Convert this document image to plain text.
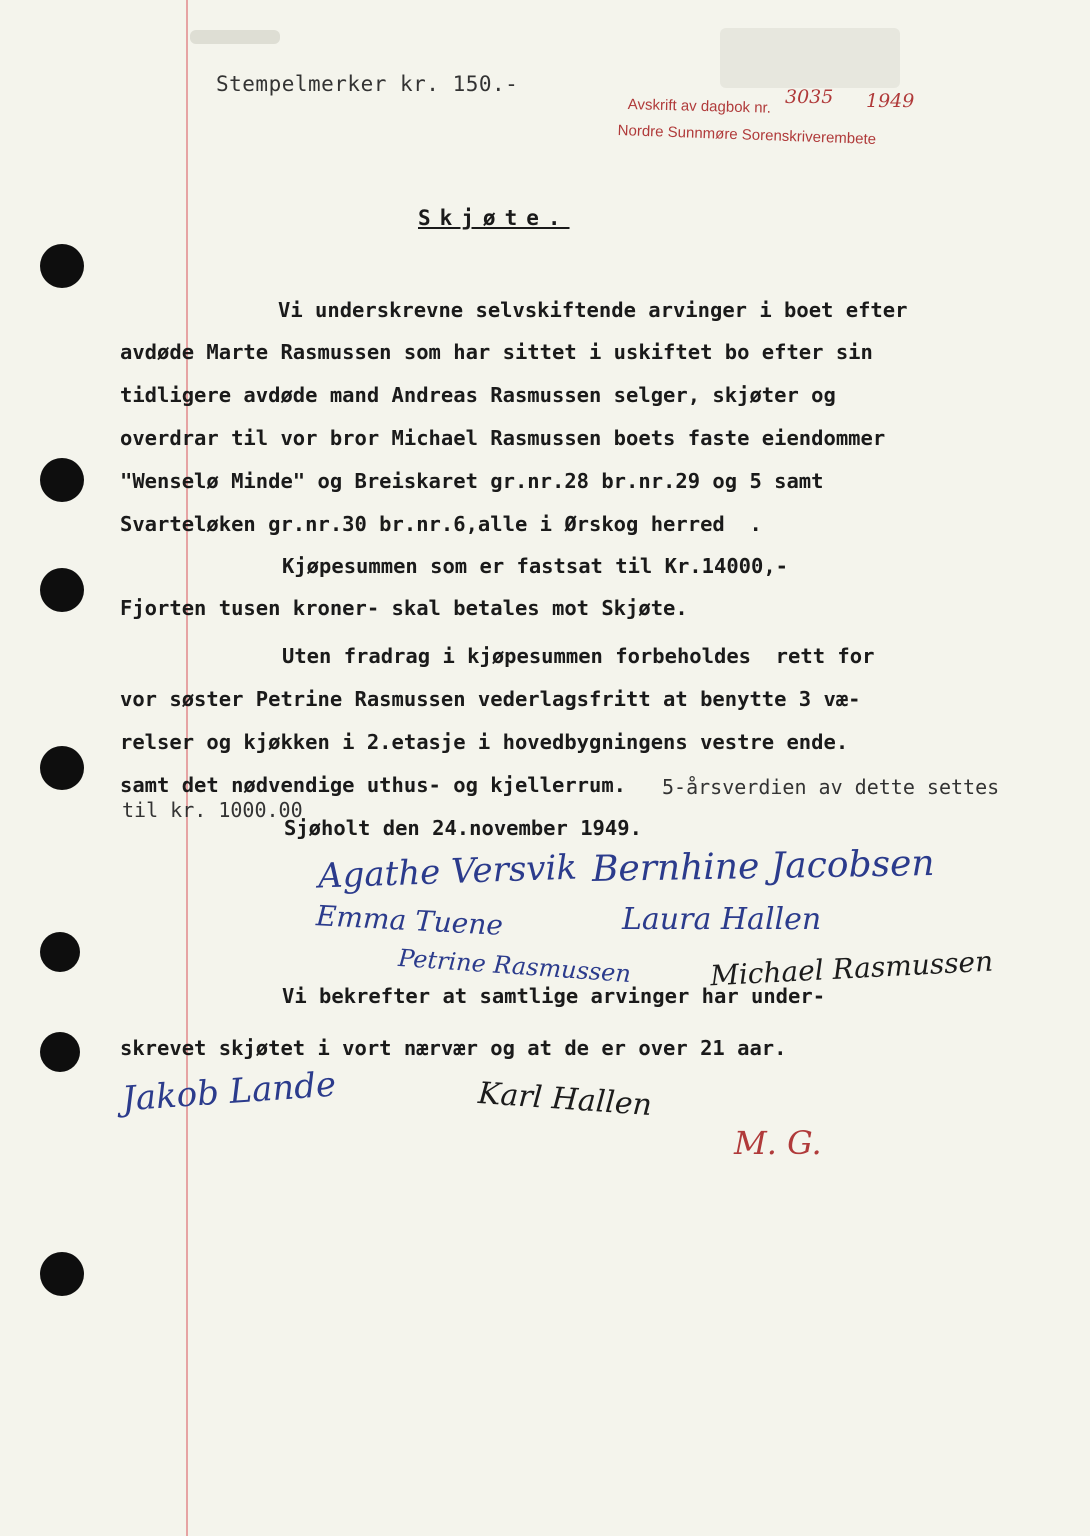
Stempelmerker kr. 150.-
Avskrift av dagbok nr. 3035 1949
Nordre Sunnmøre Sorenskriverembete
Skjøte.
Vi underskrevne selvskiftende arvinger i boet efter
avdøde Marte Rasmussen som har sittet i uskiftet bo efter sin
tidligere avdøde mand Andreas Rasmussen selger, skjøter og
overdrar til vor bror Michael Rasmussen boets faste eiendommer
"Wenselø Minde" og Breiskaret gr.nr.28 br.nr.29 og 5 samt
Svarteløken gr.nr.30 br.nr.6,alle i Ørskog herred  .
Kjøpesummen som er fastsat til Kr.14000,-
Fjorten tusen kroner- skal betales mot Skjøte.
Uten fradrag i kjøpesummen forbeholdes  rett for
vor søster Petrine Rasmussen vederlagsfritt at benytte 3 væ-
relser og kjøkken i 2.etasje i hovedbygningens vestre ende.
samt det nødvendige uthus- og kjellerrum. 5-årsverdien av dette settes
til kr. 1000.00
Sjøholt den 24.november 1949.
Agathe Versvik Bernhine Jacobsen
Emma Tuene	Laura Hallen
Petrine Rasmussen	Michael Rasmussen
Vi bekrefter at samtlige arvinger har under-
skrevet skjøtet i vort nærvær og at de er over 21 aar.
Jakob Lande	Karl Hallen
M. G.
